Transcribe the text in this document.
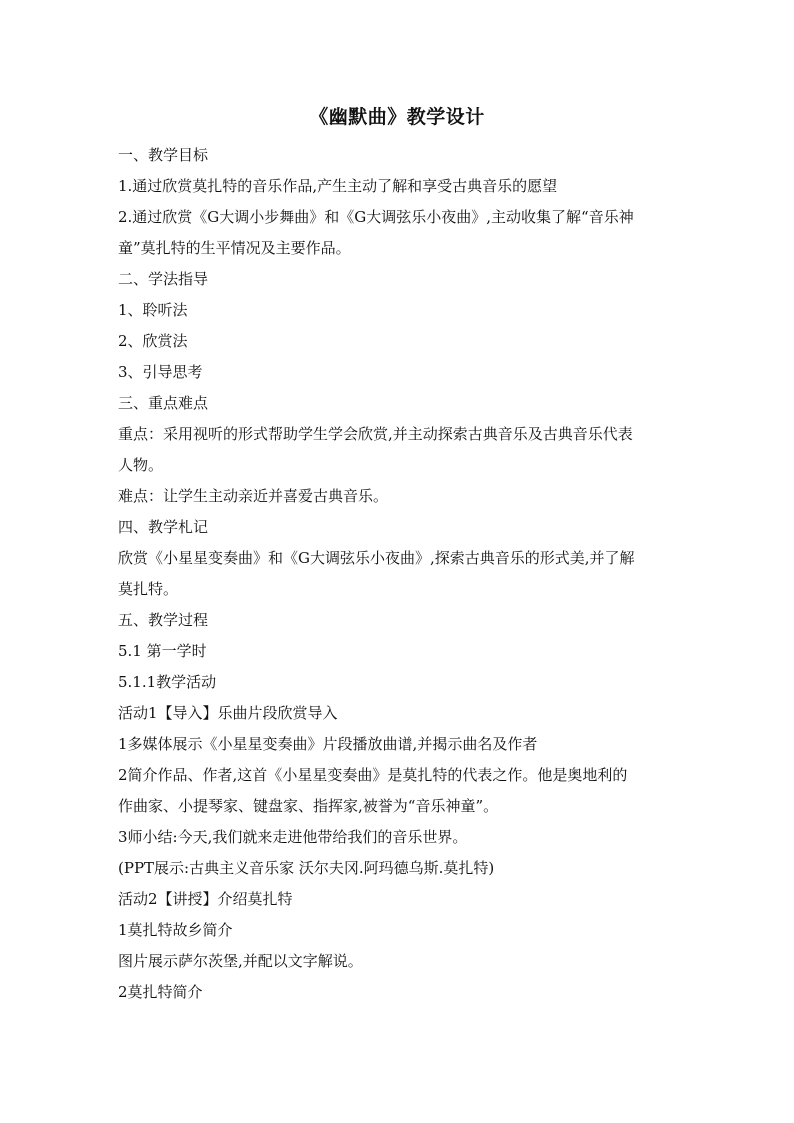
《幽默曲》教学设计
一、教学目标
1.通过欣赏莫扎特的音乐作品,产生主动了解和享受古典音乐的愿望
2.通过欣赏《G大调小步舞曲》和《G大调弦乐小夜曲》,主动收集了解“音乐神
童”莫扎特的生平情况及主要作品。
二、学法指导
1、聆听法
2、欣赏法
3、引导思考
三、重点难点
重点：采用视听的形式帮助学生学会欣赏,并主动探索古典音乐及古典音乐代表
人物。
难点：让学生主动亲近并喜爱古典音乐。
四、教学札记
欣赏《小星星变奏曲》和《G大调弦乐小夜曲》,探索古典音乐的形式美,并了解
莫扎特。
五、教学过程
5.1 第一学时
5.1.1教学活动
活动1【导入】乐曲片段欣赏导入
1多媒体展示《小星星变奏曲》片段播放曲谱,并揭示曲名及作者
2简介作品、作者,这首《小星星变奏曲》是莫扎特的代表之作。他是奥地利的
作曲家、小提琴家、键盘家、指挥家,被誉为“音乐神童”。
3师小结:今天,我们就来走进他带给我们的音乐世界。
(PPT展示:古典主义音乐家 沃尔夫冈.阿玛德乌斯.莫扎特)
活动2【讲授】介绍莫扎特
1莫扎特故乡简介
图片展示萨尔茨堡,并配以文字解说。
2莫扎特简介
